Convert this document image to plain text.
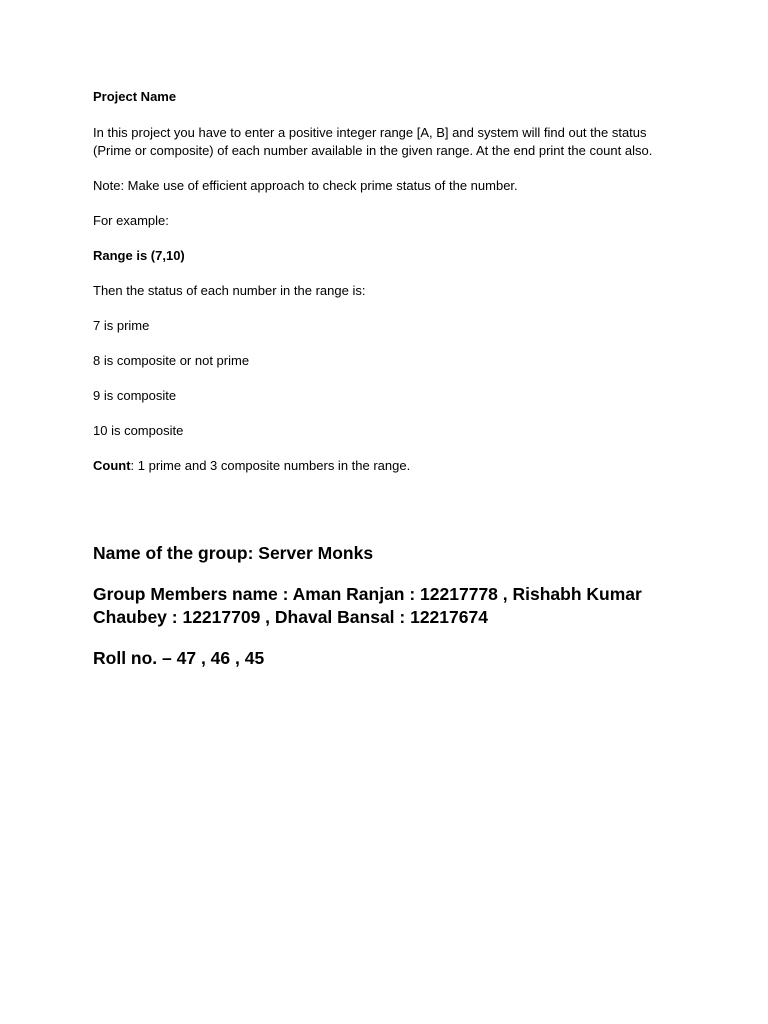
Project Name

In this project you have to enter a positive integer range [A, B] and system will find out the status (Prime or composite) of each number available in the given range. At the end print the count also.

Note: Make use of efficient approach to check prime status of the number.

For example:

Range is (7,10)

Then the status of each number in the range is:

7 is prime

8 is composite or not prime

9 is composite

10 is composite

Count: 1 prime and 3 composite numbers in the range.

Name of the group: Server Monks

Group Members name : Aman Ranjan : 12217778 , Rishabh Kumar Chaubey : 12217709 , Dhaval Bansal : 12217674

Roll no. – 47 , 46 , 45
